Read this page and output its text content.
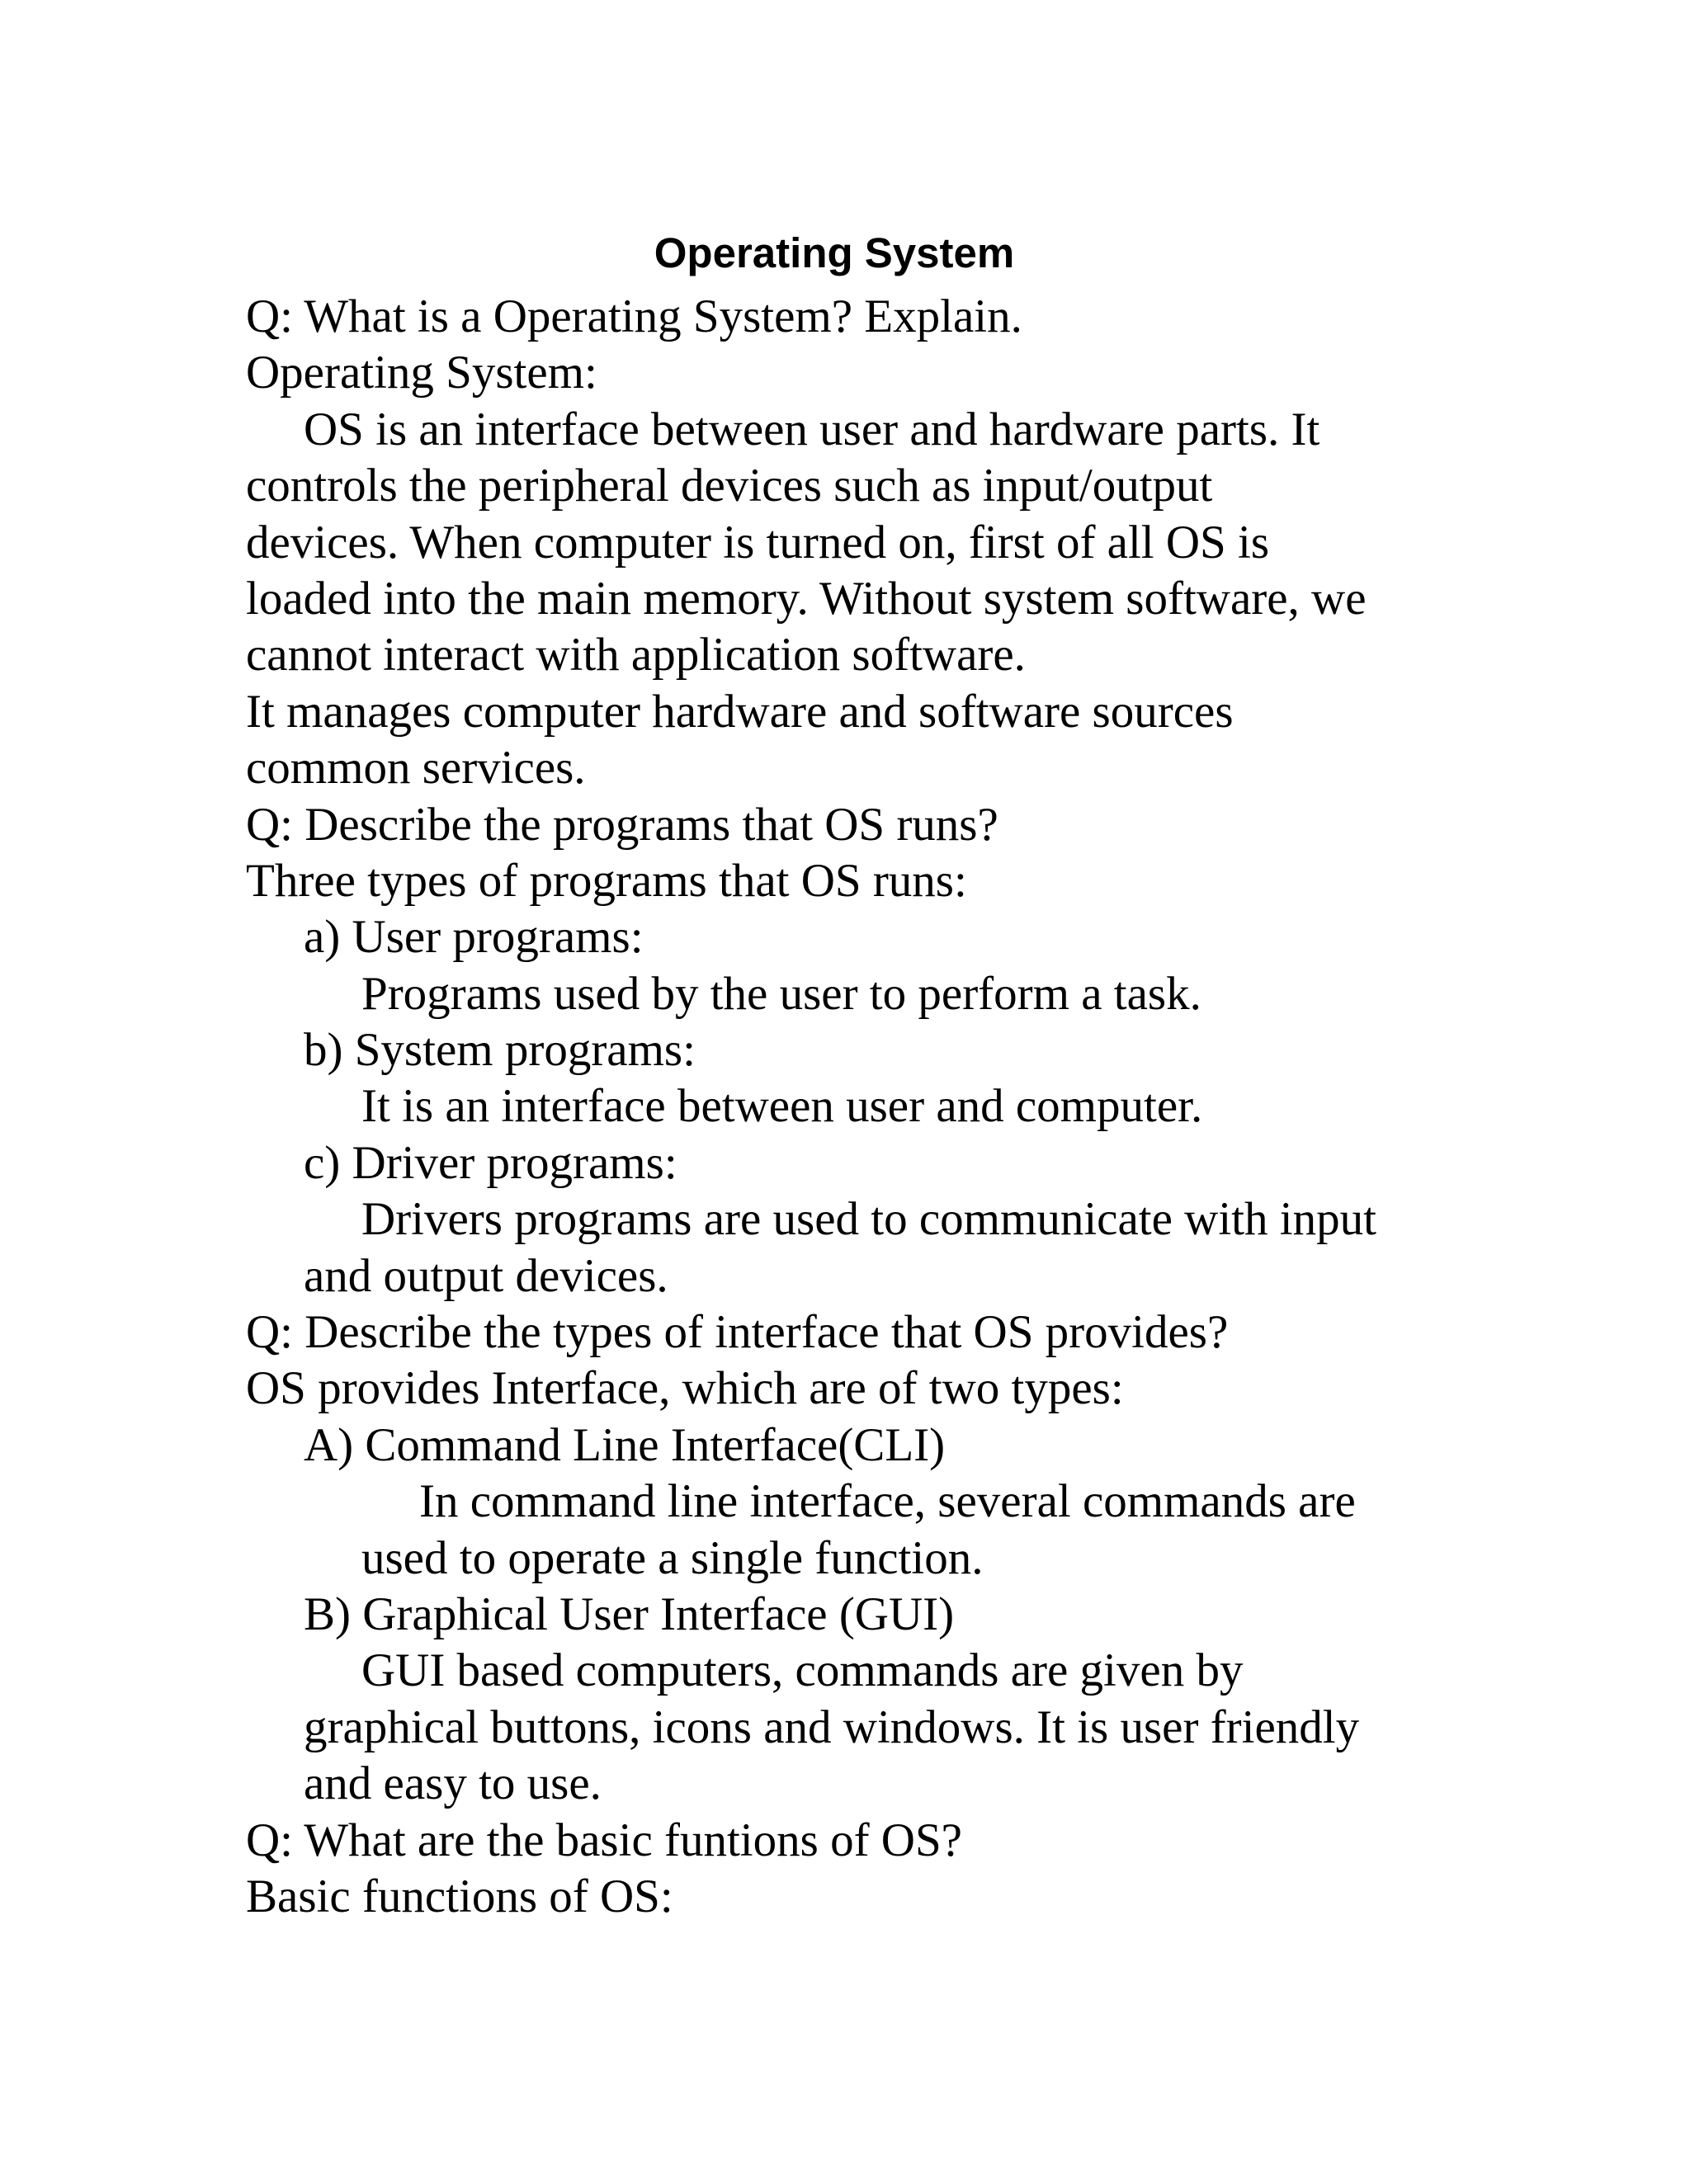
Operating System
Q: What is a Operating System? Explain.
Operating System:
OS is an interface between user and hardware parts. It
controls the peripheral devices such as input/output
devices. When computer is turned on, first of all OS is
loaded into the main memory. Without system software, we
cannot interact with application software.
It manages computer hardware and software sources
common services.
Q: Describe the programs that OS runs?
Three types of programs that OS runs:
a) User programs:
Programs used by the user to perform a task.
b) System programs:
It is an interface between user and computer.
c) Driver programs:
Drivers programs are used to communicate with input
and output devices.
Q: Describe the types of interface that OS provides?
OS provides Interface, which are of two types:
A) Command Line Interface(CLI)
In command line interface, several commands are
used to operate a single function.
B) Graphical User Interface (GUI)
GUI based computers, commands are given by
graphical buttons, icons and windows. It is user friendly
and easy to use.
Q: What are the basic funtions of OS?
Basic functions of OS:
